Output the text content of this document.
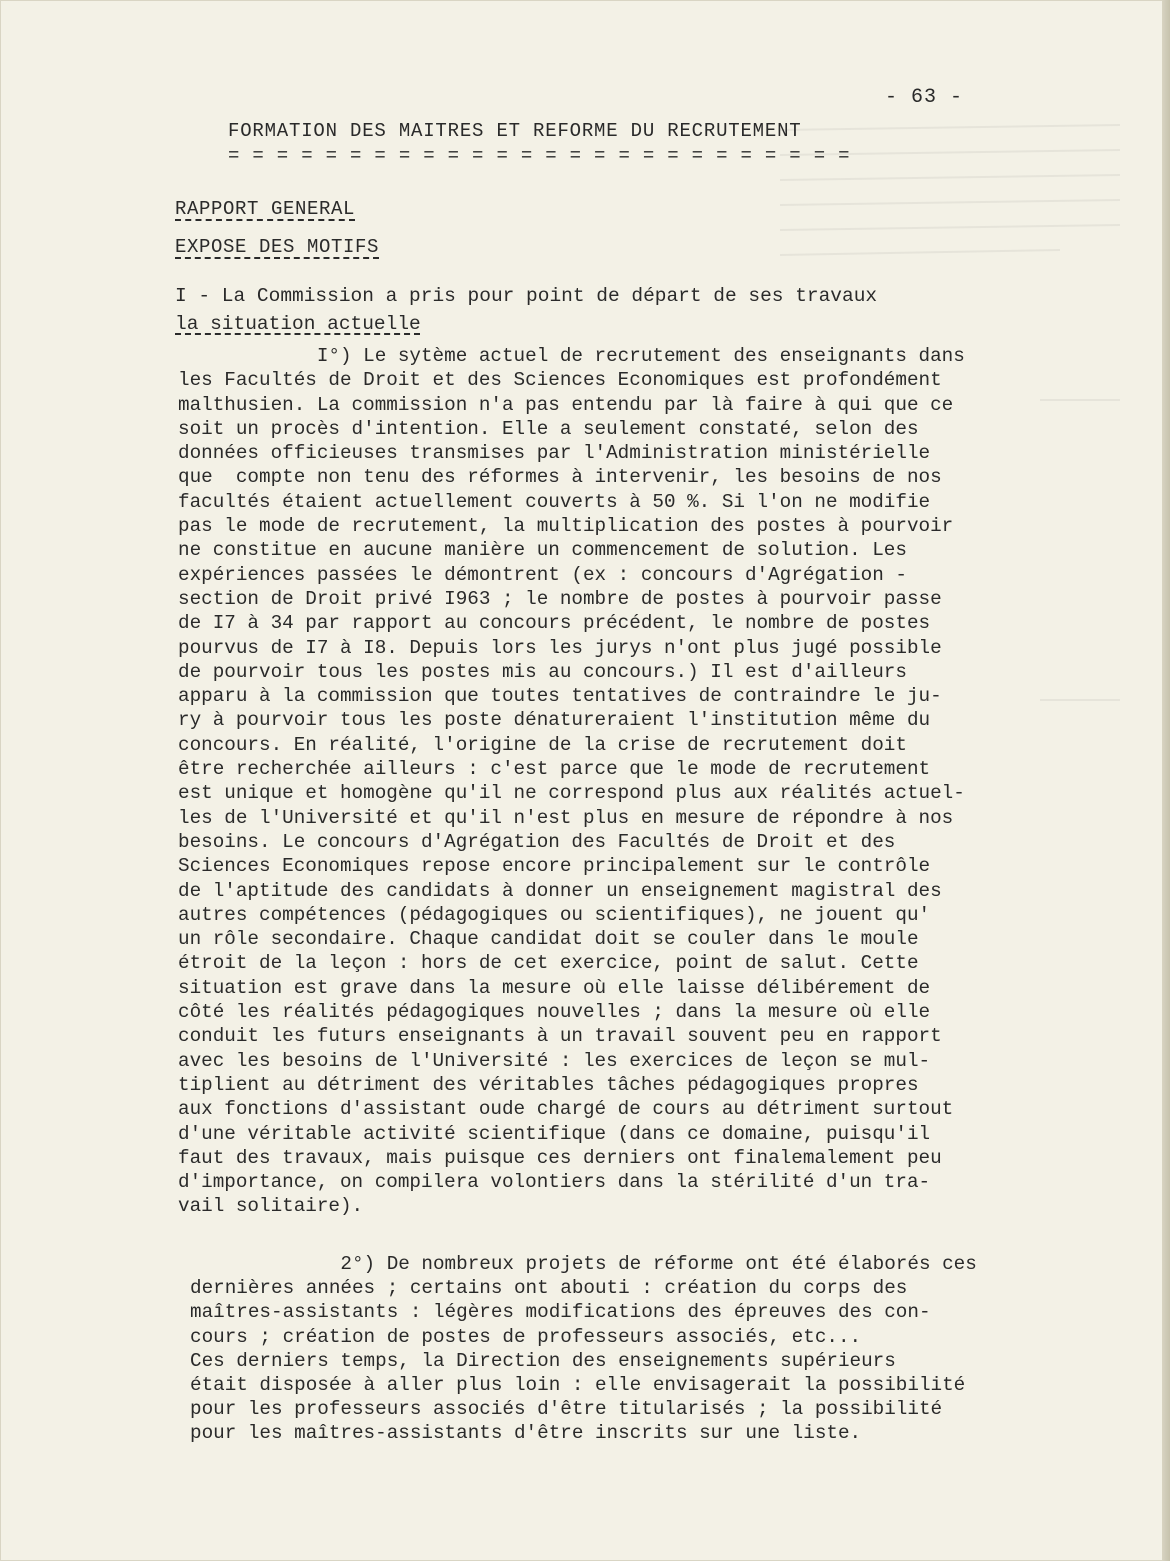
- 63 -
FORMATION DES MAITRES ET REFORME DU RECRUTEMENT
= = = = = = = = = = = = = = = = = = = = = = = = = =
RAPPORT GENERAL
EXPOSE DES MOTIFS
I - La Commission a pris pour point de départ de ses travaux
la situation actuelle
I°) Le sytème actuel de recrutement des enseignants dans
les Facultés de Droit et des Sciences Economiques est profondément
malthusien. La commission n'a pas entendu par là faire à qui que ce
soit un procès d'intention. Elle a seulement constaté, selon des
données officieuses transmises par l'Administration ministérielle
que  compte non tenu des réformes à intervenir, les besoins de nos
facultés étaient actuellement couverts à 50 %. Si l'on ne modifie
pas le mode de recrutement, la multiplication des postes à pourvoir
ne constitue en aucune manière un commencement de solution. Les
expériences passées le démontrent (ex : concours d'Agrégation -
section de Droit privé I963 ; le nombre de postes à pourvoir passe
de I7 à 34 par rapport au concours précédent, le nombre de postes
pourvus de I7 à I8. Depuis lors les jurys n'ont plus jugé possible
de pourvoir tous les postes mis au concours.) Il est d'ailleurs
apparu à la commission que toutes tentatives de contraindre le ju-
ry à pourvoir tous les poste dénatureraient l'institution même du
concours. En réalité, l'origine de la crise de recrutement doit
être recherchée ailleurs : c'est parce que le mode de recrutement
est unique et homogène qu'il ne correspond plus aux réalités actuel-
les de l'Université et qu'il n'est plus en mesure de répondre à nos
besoins. Le concours d'Agrégation des Facultés de Droit et des
Sciences Economiques repose encore principalement sur le contrôle
de l'aptitude des candidats à donner un enseignement magistral des
autres compétences (pédagogiques ou scientifiques), ne jouent qu'
un rôle secondaire. Chaque candidat doit se couler dans le moule
étroit de la leçon : hors de cet exercice, point de salut. Cette
situation est grave dans la mesure où elle laisse délibérement de
côté les réalités pédagogiques nouvelles ; dans la mesure où elle
conduit les futurs enseignants à un travail souvent peu en rapport
avec les besoins de l'Université : les exercices de leçon se mul-
tiplient au détriment des véritables tâches pédagogiques propres
aux fonctions d'assistant oude chargé de cours au détriment surtout
d'une véritable activité scientifique (dans ce domaine, puisqu'il
faut des travaux, mais puisque ces derniers ont finalemalement peu
d'importance, on compilera volontiers dans la stérilité d'un tra-
vail solitaire).
2°) De nombreux projets de réforme ont été élaborés ces
dernières années ; certains ont abouti : création du corps des
maîtres-assistants : légères modifications des épreuves des con-
cours ; création de postes de professeurs associés, etc...
Ces derniers temps, la Direction des enseignements supérieurs
était disposée à aller plus loin : elle envisagerait la possibilité
pour les professeurs associés d'être titularisés ; la possibilité
pour les maîtres-assistants d'être inscrits sur une liste.
